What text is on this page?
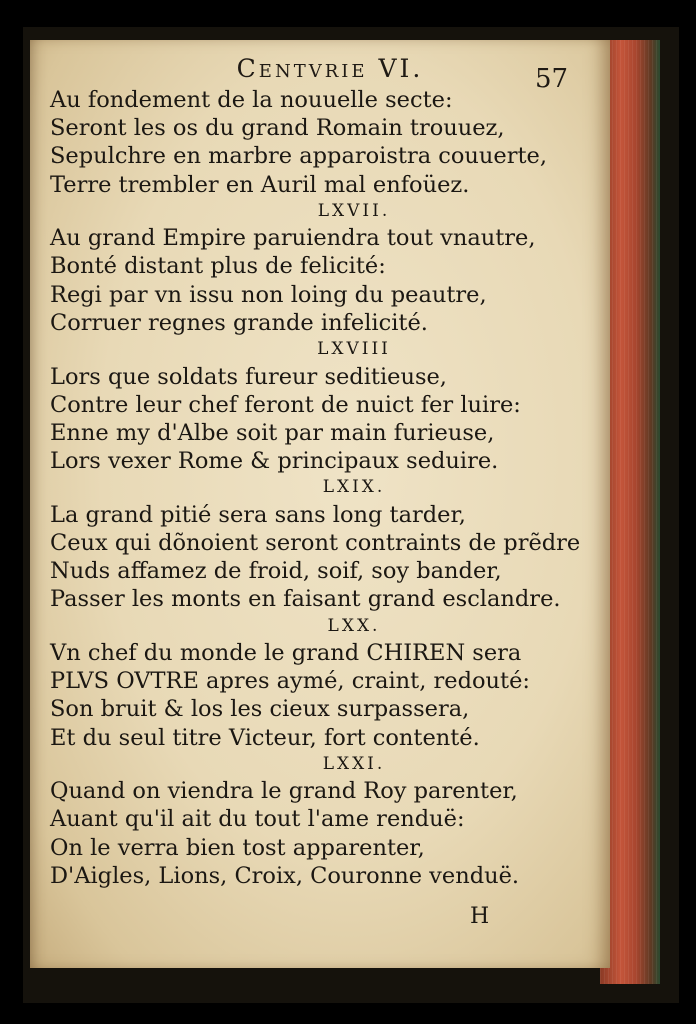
Centvrie VI.	57
Au fondement de la nouuelle secte:
Seront les os du grand Romain trouuez,
Sepulchre en marbre apparoistra couuerte,
Terre trembler en Auril mal enfoüez.
LXVII.
Au grand Empire paruiendra tout vnautre,
Bonté distant plus de felicité:
Regi par vn issu non loing du peautre,
Corruer regnes grande infelicité.
LXVIII
Lors que soldats fureur seditieuse,
Contre leur chef feront de nuict fer luire:
Enne my d'Albe soit par main furieuse,
Lors vexer Rome & principaux seduire.
LXIX.
La grand pitié sera sans long tarder,
Ceux qui dõnoient seront contraints de prẽdre
Nuds affamez de froid, soif, soy bander,
Passer les monts en faisant grand esclandre.
LXX.
Vn chef du monde le grand CHIREN sera
PLVS OVTRE apres aymé, craint, redouté:
Son bruit & los les cieux surpassera,
Et du seul titre Victeur, fort contenté.
LXXI.
Quand on viendra le grand Roy parenter,
Auant qu'il ait du tout l'ame renduë:
On le verra bien tost apparenter,
D'Aigles, Lions, Croix, Couronne venduë.
H
